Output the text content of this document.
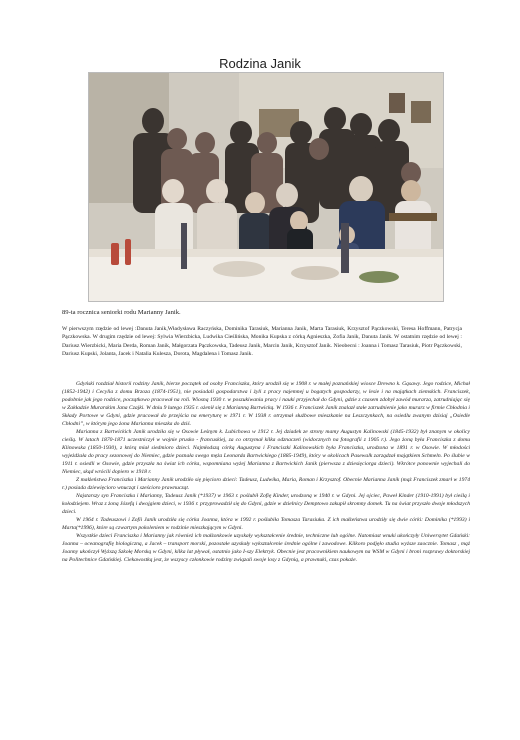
Rodzina Janik
89-ta rocznica seniorki rodu Marianny Janik.
W pierwszym rzędzie od lewej :Danuta Janik,Władysława Raczyńska, Dominika Tarasiuk, Marianna Janik, Marta Tarasiuk, Krzysztof Pączkowski, Teresa Hoffmann, Patrycja Pączkowska. W drugim rzędzie od lewej: Sylwia Wierzbicka, Ludwika Cieślińska, Monika Kupska z córką Agnieszka, Zofia Janik, Danuta Janik. W ostatnim rzędzie od lewej : Dariusz Wierzbicki, Maria Derda, Roman Janik, Małgorzata Pączkowska, Tadeusz Janik, Marcin Janik, Krzysztof Janik. Nieobecni : Joanna i Tomasz Tarasiuk, Piotr Pączkowski, Dariusz Kupski, Jolanta, Jacek i Natalia Kulesza, Dorota, Magdalena i Tomasz Janik.

Gdyński rozdział historii rodziny Janik, bierze początek od osoby Franciszka, który urodził się w 1908 r. w małej poznańskiej wiosce Drewno k. Gąsawy. Jego rodzice, Michał (1852-1942) i Cecylia z domu Brzoza (1874-1951), nie posiadali gospodarstwa i żyli z pracy najemnej u bogatych gospodarzy, w lesie i na majątkach ziemskich. Franciszek, podobnie jak jego rodzice, początkowo pracował na roli. Wiosną 1930 r. w poszukiwaniu pracy i nauki przyjechał do Gdyni, gdzie z czasem zdobył zawód murarza, zatrudniając się w Zakładzie Murarskim Jana Czajki. W dniu 9 lutego 1935 r. ożenił się z Marianną Bartwicką. W 1936 r. Franciszek Janik znalazł stałe zatrudnienie jako murarz w firmie Chłodnia i Składy Portowe w Gdyni, gdzie pracował do przejścia na emeryturę w 1971 r. W 1938 r. otrzymał służbowe mieszkanie na Leszczynkach, na osiedlu zwanym dzisiaj „Osiedle Chłodni”, w którym jego żona Marianna mieszka do dziś.

Marianna z Bartwickich Janik urodziła się w Osowie Leśnym k. Lubichowa w 1912 r. Jej dziadek ze strony mamy Augustyn Kalinowski (1845-1932) był znanym w okolicy cieślą. W latach 1870-1871 uczestniczył w wojnie prusko - francuskiej, za co otrzymał kilka odznaczeń (widocznych na fotografii z 1905 r.). Jego żoną była Franciszka z domu Klinowska (1850-1930), z którą miał siedmioro dzieci. Najmłodszą córką Augustyna i Franciszki Kalinowskich była Franciszka, urodzona w 1891 r. w Osowie. W młodości wyjeżdżała do pracy sezonowej do Niemiec, gdzie poznała swego męża Leonarda Bartwickiego (1885-1949), który w okolicach Pasewalk zarządzał majątkiem Schmeln. Po ślubie w 1911 r. osiedli w Osowie, gdzie przyszła na świat ich córka, wspomniana wyżej Marianna z Bartwickich Janik (pierwsza z dziesięciorga dzieci). Wkrótce ponownie wyjechali do Niemiec, skąd wrócili dopiero w 1918 r.

Z małżeństwa Franciszka i Marianny Janik urodziło się pięcioro dzieci: Tadeusz, Ludwika, Maria, Roman i Krzysztof. Obecnie Marianna Janik (mąż Franciszek zmarł w 1974 r.) posiada dziewięcioro wnucząt i sześcioro prawnucząt.

Najstarszy syn Franciszka i Marianny, Tadeusz Janik (*1937) w 1963 r. poślubił Zofię Kinder, urodzoną w 1940 r. w Gdyni. Jej ojciec, Paweł Kinder (1910-1991) był cieślą i kołodziejem. Wraz z żoną Józefą i dwojgiem dzieci, w 1936 r. przyprowadził się do Gdyni, gdzie w dzielnicy Demptowo zakupił skromny domek. Tu na świat przyszło dwoje młodszych dzieci.

W 1964 r. Tadeuszowi i Zofii Janik urodziła się córka Joanna, która w 1992 r. poślubiła Tomasza Tarasiuka. Z ich małżeństwa urodziły się dwie córki: Dominika (*1993) i Marta(*1996), które są czwartym pokoleniem w rodzinie mieszkającym w Gdyni.

Wszystkie dzieci Franciszka i Marianny jak również ich małżonkowie uzyskały wykształcenie średnie, techniczne lub ogólne. Natomiast wnuki ukończyły Uniwersytet Gdański: Joanna – oceanografię biologiczną, a Jacek – transport morski, pozostałe uzyskały wykształcenie średnie ogólne i zawodowe. Kilkoro podjęło studia wyższe zaocznie. Tomasz , mąż Joanny ukończył Wyższą Szkołę Morską w Gdyni, kilka lat pływał, ostatnio jako I-szy Elektryk. Obecnie jest pracownikiem naukowym na WSM w Gdyni i broni rozprawy doktorskiej na Politechnice Gdańskiej. Ciekawostką jest, że wszyscy członkowie rodziny związali swoje losy z Gdynią, a prawnuki, czas pokaże.
